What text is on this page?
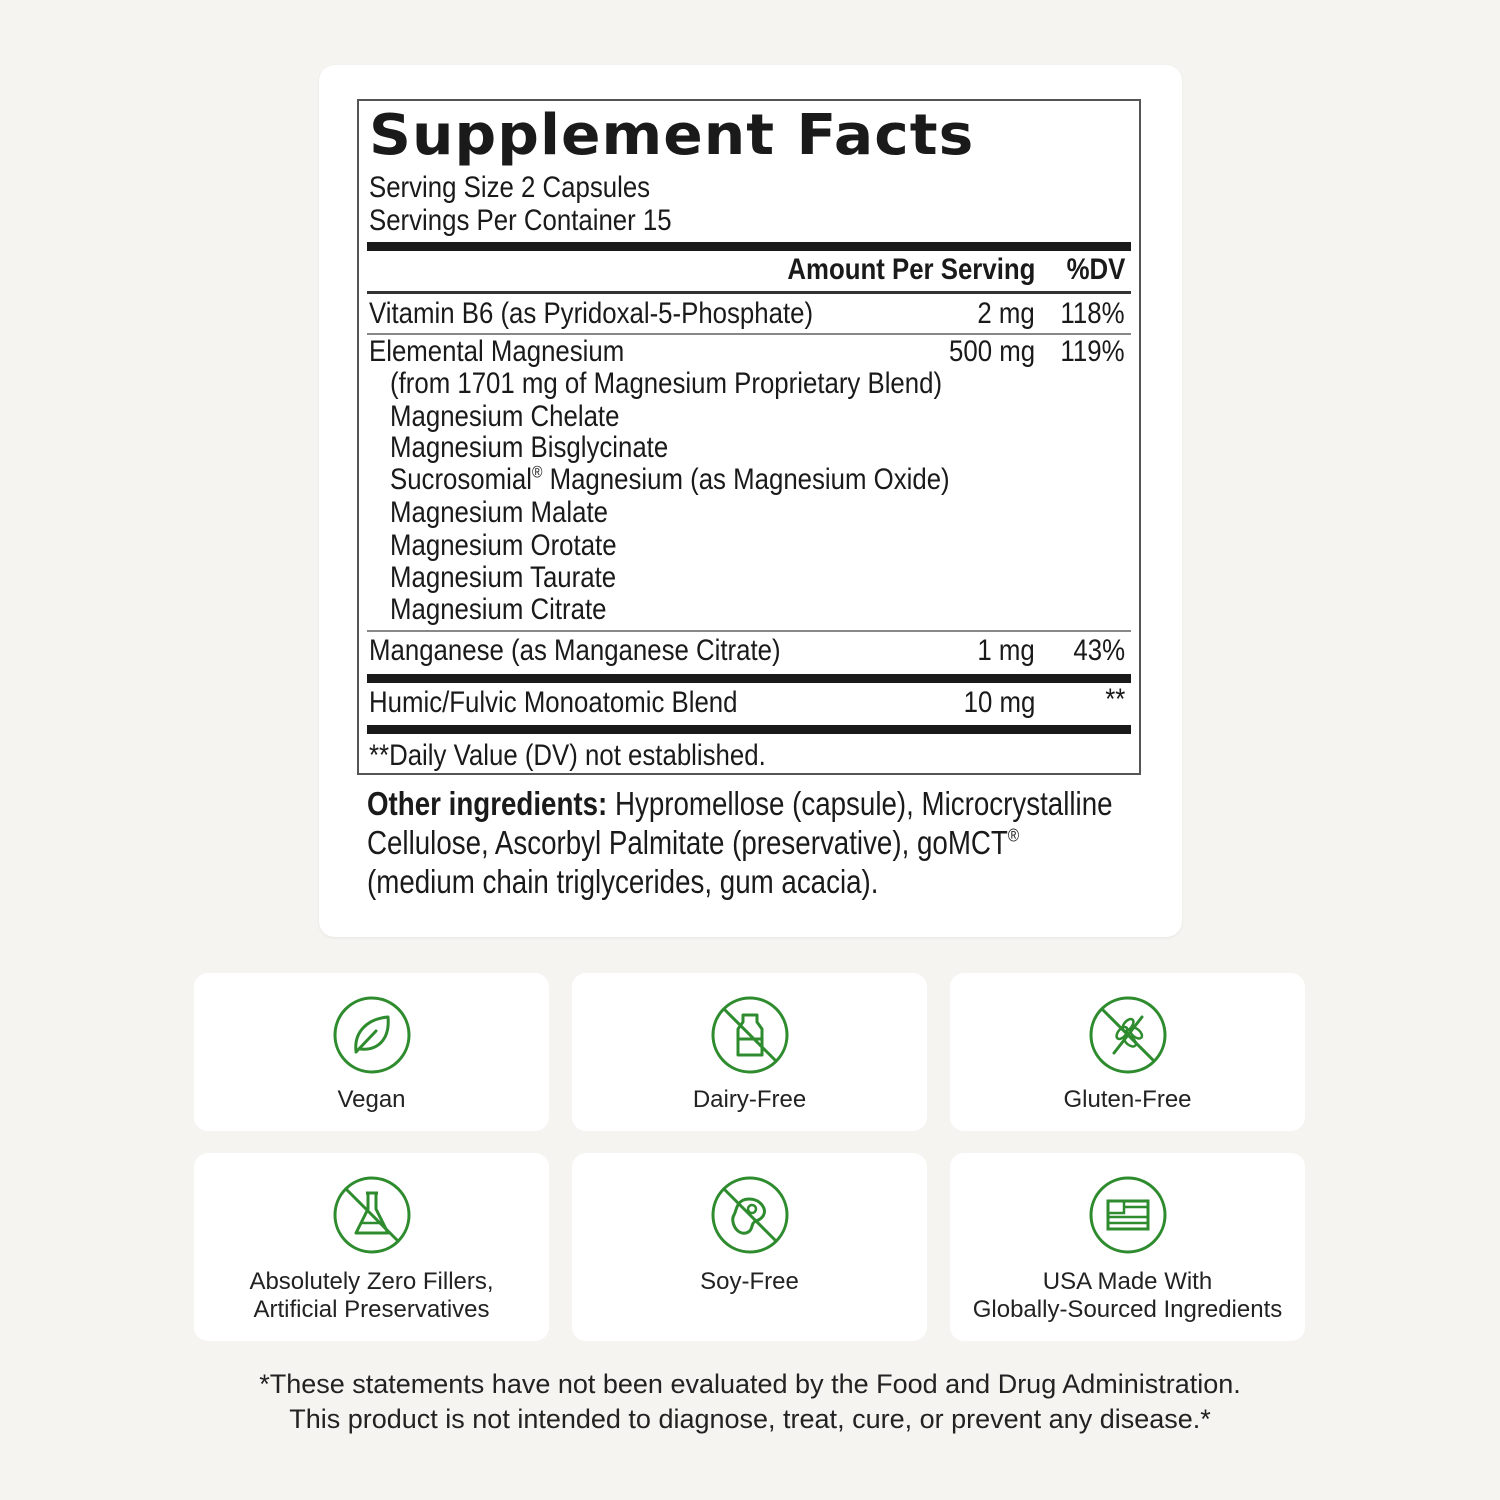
Supplement Facts
Serving Size 2 Capsules
Servings Per Container 15
Amount Per Serving %DV
Vitamin B6 (as Pyridoxal-5-Phosphate)	2 mg 118%
Elemental Magnesium	500 mg 119%
(from 1701 mg of Magnesium Proprietary Blend)
Magnesium Chelate
Magnesium Bisglycinate
Sucrosomial® Magnesium (as Magnesium Oxide)
Magnesium Malate
Magnesium Orotate
Magnesium Taurate
Magnesium Citrate
Manganese (as Manganese Citrate)	1 mg 43%
Humic/Fulvic Monoatomic Blend	10 mg **
**Daily Value (DV) not established.
Other ingredients: Hypromellose (capsule), Microcrystalline
Cellulose, Ascorbyl Palmitate (preservative), goMCT®
(medium chain triglycerides, gum acacia).
Vegan	Dairy-Free	Gluten-Free
Absolutely Zero Fillers,
Artificial Preservatives
Soy-Free	USA Made With
Globally-Sourced Ingredients
*These statements have not been evaluated by the Food and Drug Administration.
This product is not intended to diagnose, treat, cure, or prevent any disease.*
